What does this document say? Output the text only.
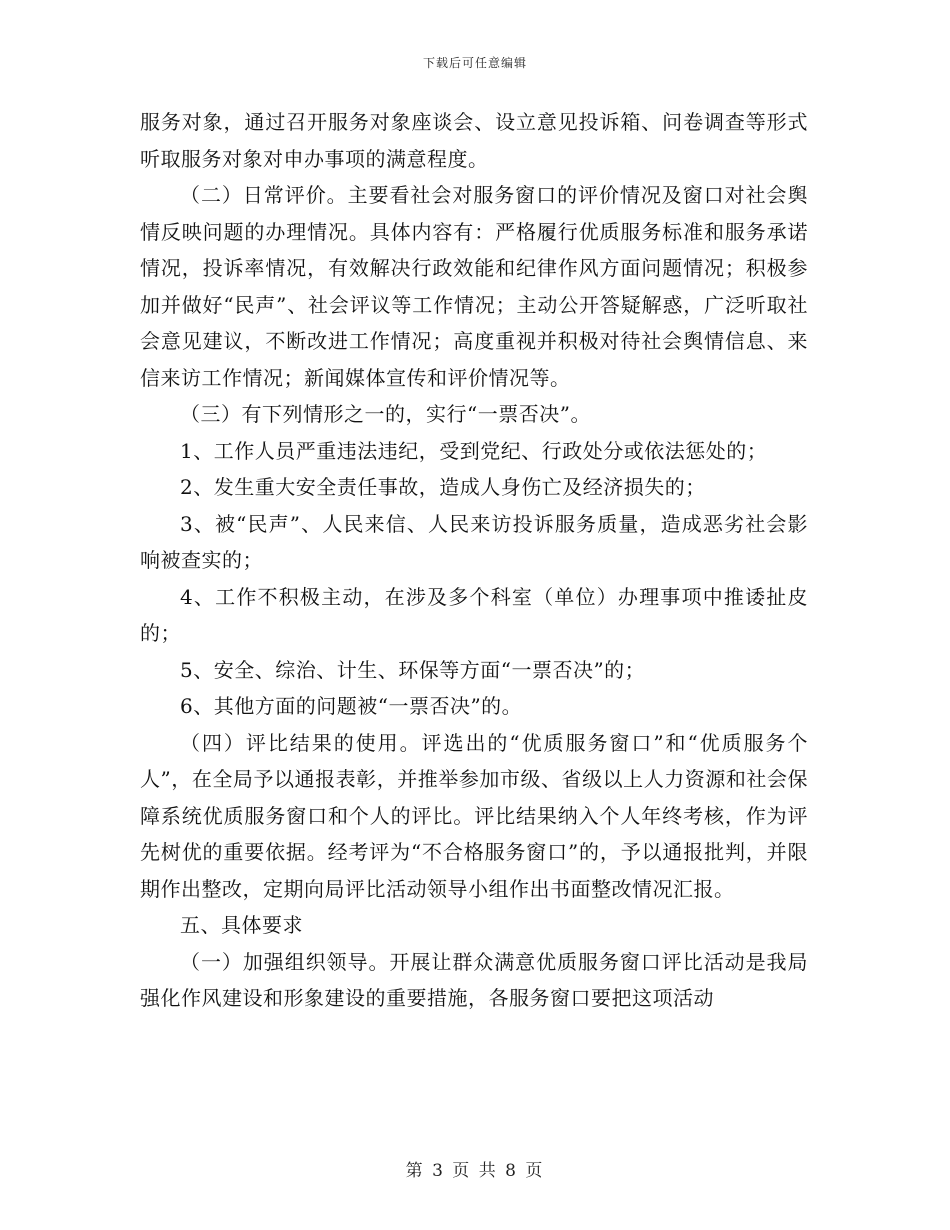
下载后可任意编辑

服务对象，通过召开服务对象座谈会、设立意见投诉箱、问卷调查等形式听取服务对象对申办事项的满意程度。

（二）日常评价。主要看社会对服务窗口的评价情况及窗口对社会舆情反映问题的办理情况。具体内容有：严格履行优质服务标准和服务承诺情况，投诉率情况，有效解决行政效能和纪律作风方面问题情况；积极参加并做好“民声”、社会评议等工作情况；主动公开答疑解惑，广泛听取社会意见建议，不断改进工作情况；高度重视并积极对待社会舆情信息、来信来访工作情况；新闻媒体宣传和评价情况等。

（三）有下列情形之一的，实行“一票否决”。

1、工作人员严重违法违纪，受到党纪、行政处分或依法惩处的；

2、发生重大安全责任事故，造成人身伤亡及经济损失的；

3、被“民声”、人民来信、人民来访投诉服务质量，造成恶劣社会影响被查实的；

4、工作不积极主动，在涉及多个科室（单位）办理事项中推诿扯皮的；

5、安全、综治、计生、环保等方面“一票否决”的；

6、其他方面的问题被“一票否决”的。

（四）评比结果的使用。评选出的“优质服务窗口”和“优质服务个人”，在全局予以通报表彰，并推举参加市级、省级以上人力资源和社会保障系统优质服务窗口和个人的评比。评比结果纳入个人年终考核，作为评先树优的重要依据。经考评为“不合格服务窗口”的，予以通报批判，并限期作出整改，定期向局评比活动领导小组作出书面整改情况汇报。

五、具体要求

（一）加强组织领导。开展让群众满意优质服务窗口评比活动是我局强化作风建设和形象建设的重要措施，各服务窗口要把这项活动

第 3 页 共 8 页
